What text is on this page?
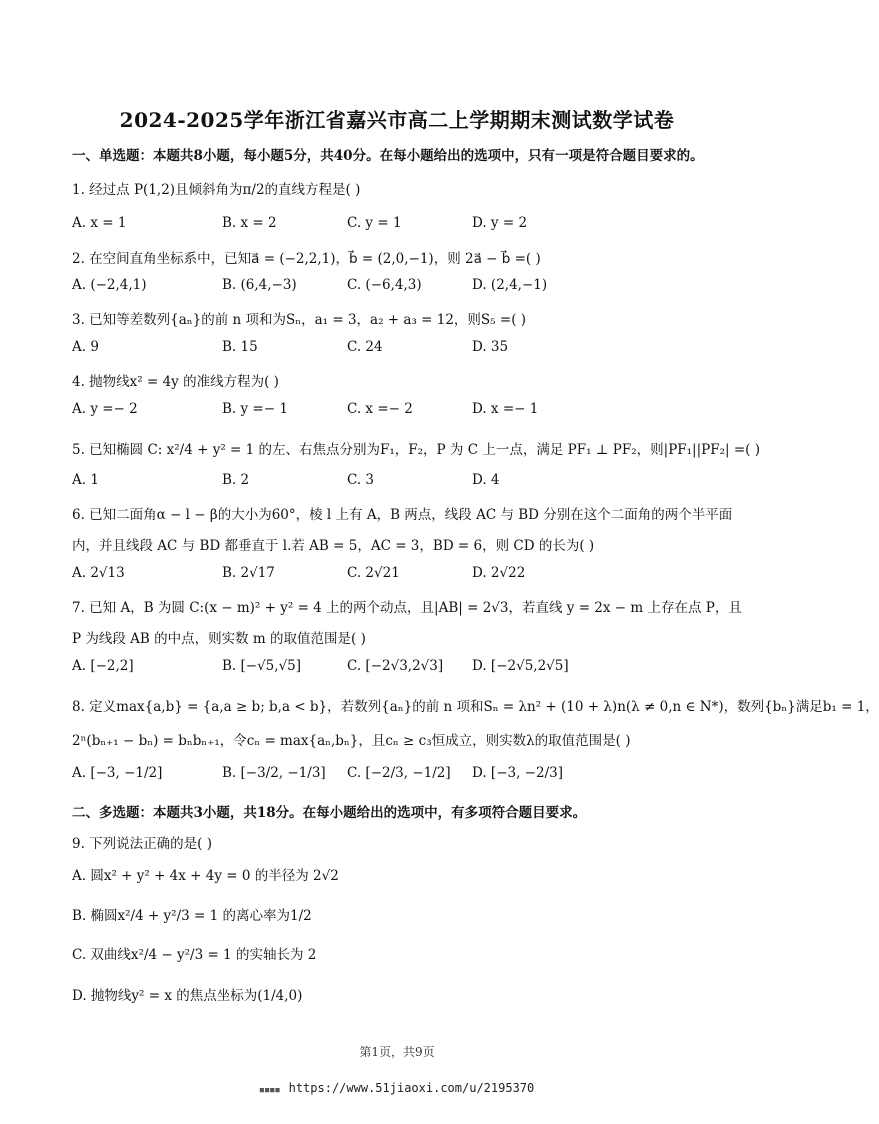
2024-2025学年浙江省嘉兴市高二上学期期末测试数学试卷
一、单选题：本题共8小题，每小题5分，共40分。在每小题给出的选项中，只有一项是符合题目要求的。
1. 经过点 P(1,2)且倾斜角为π/2的直线方程是( )
A. x = 1	B. x = 2	C. y = 1	D. y = 2
2. 在空间直角坐标系中，已知a⃗ = (−2,2,1)，b⃗ = (2,0,−1)，则 2a⃗ − b⃗ =( )
A. (−2,4,1)	B. (6,4,−3)	C. (−6,4,3)	D. (2,4,−1)
3. 已知等差数列{aₙ}的前 n 项和为Sₙ，a₁ = 3，a₂ + a₃ = 12，则S₅ =( )
A. 9	B. 15	C. 24	D. 35
4. 抛物线x² = 4y 的准线方程为( )
A. y =− 2	B. y =− 1	C. x =− 2	D. x =− 1
5. 已知椭圆 C: x²/4 + y² = 1 的左、右焦点分别为F₁，F₂，P 为 C 上一点，满足 PF₁ ⊥ PF₂，则|PF₁||PF₂| =( )
A. 1	B. 2	C. 3	D. 4
6. 已知二面角α − l − β的大小为60°，棱 l 上有 A，B 两点，线段 AC 与 BD 分别在这个二面角的两个半平面
内，并且线段 AC 与 BD 都垂直于 l.若 AB = 5，AC = 3，BD = 6，则 CD 的长为( )
A. 2√13	B. 2√17	C. 2√21	D. 2√22
7. 已知 A，B 为圆 C:(x − m)² + y² = 4 上的两个动点，且|AB| = 2√3，若直线 y = 2x − m 上存在点 P，且
P 为线段 AB 的中点，则实数 m 的取值范围是( )
A. [−2,2]	B. [−√5,√5]	C. [−2√3,2√3] D. [−2√5,2√5]
8. 定义max{a,b} = {a,a ≥ b; b,a < b}，若数列{aₙ}的前 n 项和Sₙ = λn² + (10 + λ)n(λ ≠ 0,n ∈ N*)，数列{bₙ}满足b₁ = 1，
2ⁿ(bₙ₊₁ − bₙ) = bₙbₙ₊₁，令cₙ = max{aₙ,bₙ}，且cₙ ≥ c₃恒成立，则实数λ的取值范围是( )
A. [−3, −1/2]	B. [−3/2, −1/3] C. [−2/3, −1/2] D. [−3, −2/3]
二、多选题：本题共3小题，共18分。在每小题给出的选项中，有多项符合题目要求。
9. 下列说法正确的是( )
A. 圆x² + y² + 4x + 4y = 0 的半径为 2√2
B. 椭圆x²/4 + y²/3 = 1 的离心率为1/2
C. 双曲线x²/4 − y²/3 = 1 的实轴长为 2
D. 抛物线y² = x 的焦点坐标为(1/4,0)
第1页，共9页
■■■■ https://www.51jiaoxi.com/u/2195370
